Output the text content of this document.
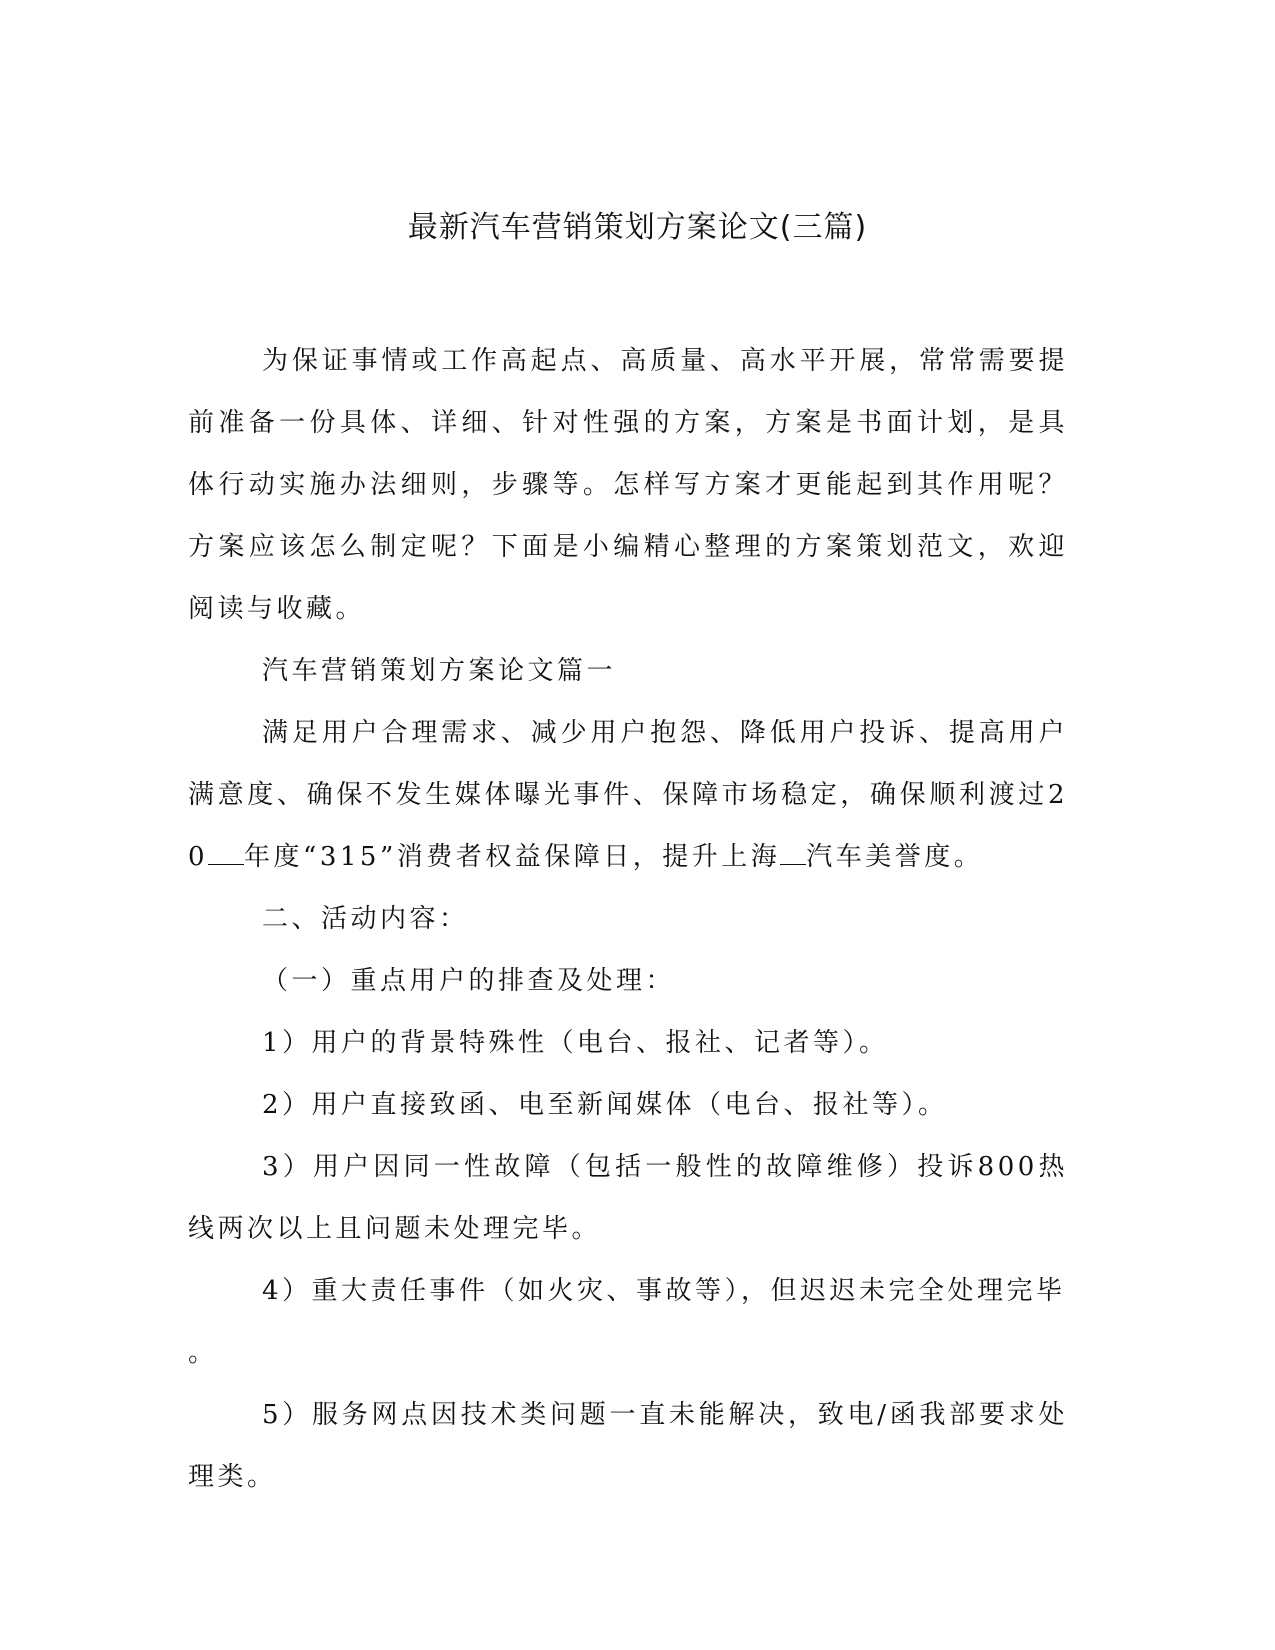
最新汽车营销策划方案论文(三篇)

为保证事情或工作高起点、高质量、高水平开展，常常需要提前准备一份具体、详细、针对性强的方案，方案是书面计划，是具体行动实施办法细则，步骤等。怎样写方案才更能起到其作用呢？方案应该怎么制定呢？下面是小编精心整理的方案策划范文，欢迎阅读与收藏。

汽车营销策划方案论文篇一

满足用户合理需求、减少用户抱怨、降低用户投诉、提高用户满意度、确保不发生媒体曝光事件、保障市场稳定，确保顺利渡过20 年度“315”消费者权益保障日，提升上海 汽车美誉度。

二、活动内容：

（一）重点用户的排查及处理：

1）用户的背景特殊性（电台、报社、记者等）。

2）用户直接致函、电至新闻媒体（电台、报社等）。

3）用户因同一性故障（包括一般性的故障维修）投诉800热线两次以上且问题未处理完毕。

4）重大责任事件（如火灾、事故等），但迟迟未完全处理完毕

。

5）服务网点因技术类问题一直未能解决，致电/函我部要求处理类。
